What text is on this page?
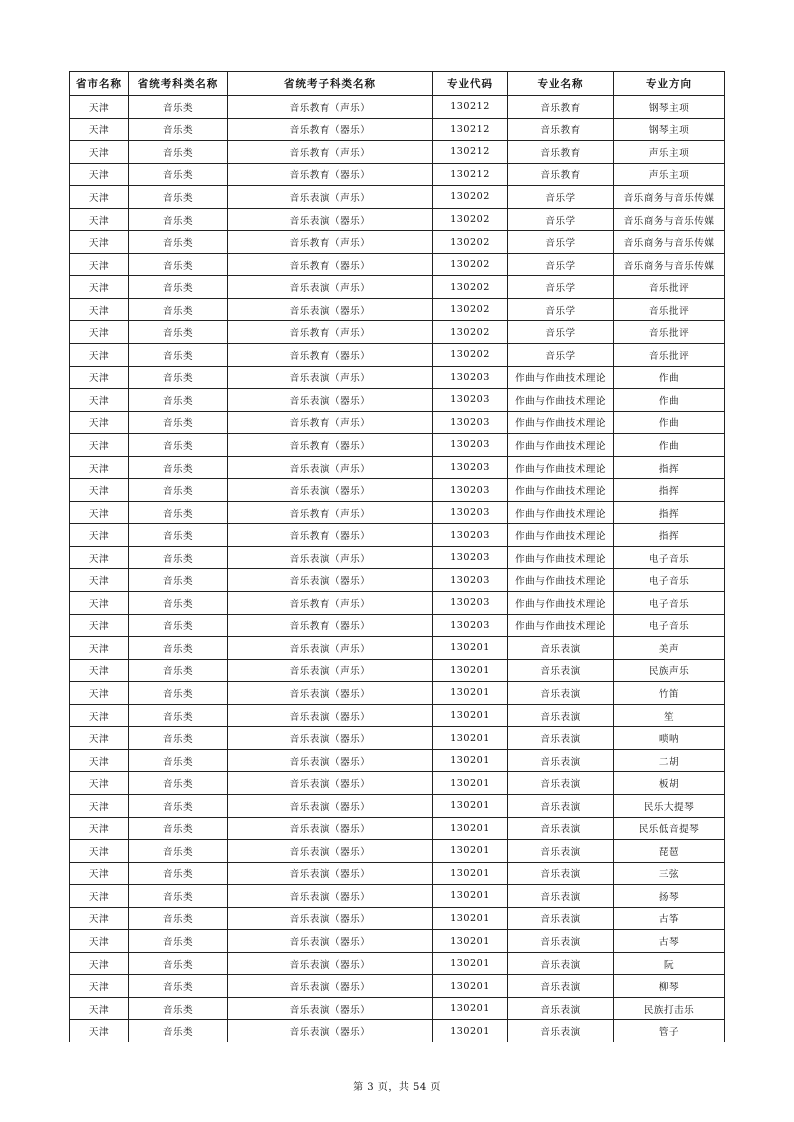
省市名称	省统考科类名称	省统考子科类名称	专业代码	专业名称	专业方向
天津	音乐类	音乐教育（声乐）	130212	音乐教育	钢琴主项
天津	音乐类	音乐教育（器乐）	130212	音乐教育	钢琴主项
天津	音乐类	音乐教育（声乐）	130212	音乐教育	声乐主项
天津	音乐类	音乐教育（器乐）	130212	音乐教育	声乐主项
天津	音乐类	音乐表演（声乐）	130202	音乐学	音乐商务与音乐传媒
天津	音乐类	音乐表演（器乐）	130202	音乐学	音乐商务与音乐传媒
天津	音乐类	音乐教育（声乐）	130202	音乐学	音乐商务与音乐传媒
天津	音乐类	音乐教育（器乐）	130202	音乐学	音乐商务与音乐传媒
天津	音乐类	音乐表演（声乐）	130202	音乐学	音乐批评
天津	音乐类	音乐表演（器乐）	130202	音乐学	音乐批评
天津	音乐类	音乐教育（声乐）	130202	音乐学	音乐批评
天津	音乐类	音乐教育（器乐）	130202	音乐学	音乐批评
天津	音乐类	音乐表演（声乐）	130203	作曲与作曲技术理论	作曲
天津	音乐类	音乐表演（器乐）	130203	作曲与作曲技术理论	作曲
天津	音乐类	音乐教育（声乐）	130203	作曲与作曲技术理论	作曲
天津	音乐类	音乐教育（器乐）	130203	作曲与作曲技术理论	作曲
天津	音乐类	音乐表演（声乐）	130203	作曲与作曲技术理论	指挥
天津	音乐类	音乐表演（器乐）	130203	作曲与作曲技术理论	指挥
天津	音乐类	音乐教育（声乐）	130203	作曲与作曲技术理论	指挥
天津	音乐类	音乐教育（器乐）	130203	作曲与作曲技术理论	指挥
天津	音乐类	音乐表演（声乐）	130203	作曲与作曲技术理论	电子音乐
天津	音乐类	音乐表演（器乐）	130203	作曲与作曲技术理论	电子音乐
天津	音乐类	音乐教育（声乐）	130203	作曲与作曲技术理论	电子音乐
天津	音乐类	音乐教育（器乐）	130203	作曲与作曲技术理论	电子音乐
天津	音乐类	音乐表演（声乐）	130201	音乐表演	美声
天津	音乐类	音乐表演（声乐）	130201	音乐表演	民族声乐
天津	音乐类	音乐表演（器乐）	130201	音乐表演	竹笛
天津	音乐类	音乐表演（器乐）	130201	音乐表演	笙
天津	音乐类	音乐表演（器乐）	130201	音乐表演	唢呐
天津	音乐类	音乐表演（器乐）	130201	音乐表演	二胡
天津	音乐类	音乐表演（器乐）	130201	音乐表演	板胡
天津	音乐类	音乐表演（器乐）	130201	音乐表演	民乐大提琴
天津	音乐类	音乐表演（器乐）	130201	音乐表演	民乐低音提琴
天津	音乐类	音乐表演（器乐）	130201	音乐表演	琵琶
天津	音乐类	音乐表演（器乐）	130201	音乐表演	三弦
天津	音乐类	音乐表演（器乐）	130201	音乐表演	扬琴
天津	音乐类	音乐表演（器乐）	130201	音乐表演	古筝
天津	音乐类	音乐表演（器乐）	130201	音乐表演	古琴
天津	音乐类	音乐表演（器乐）	130201	音乐表演	阮
天津	音乐类	音乐表演（器乐）	130201	音乐表演	柳琴
天津	音乐类	音乐表演（器乐）	130201	音乐表演	民族打击乐
天津	音乐类	音乐表演（器乐）	130201	音乐表演	管子
第 3 页，共 54 页
